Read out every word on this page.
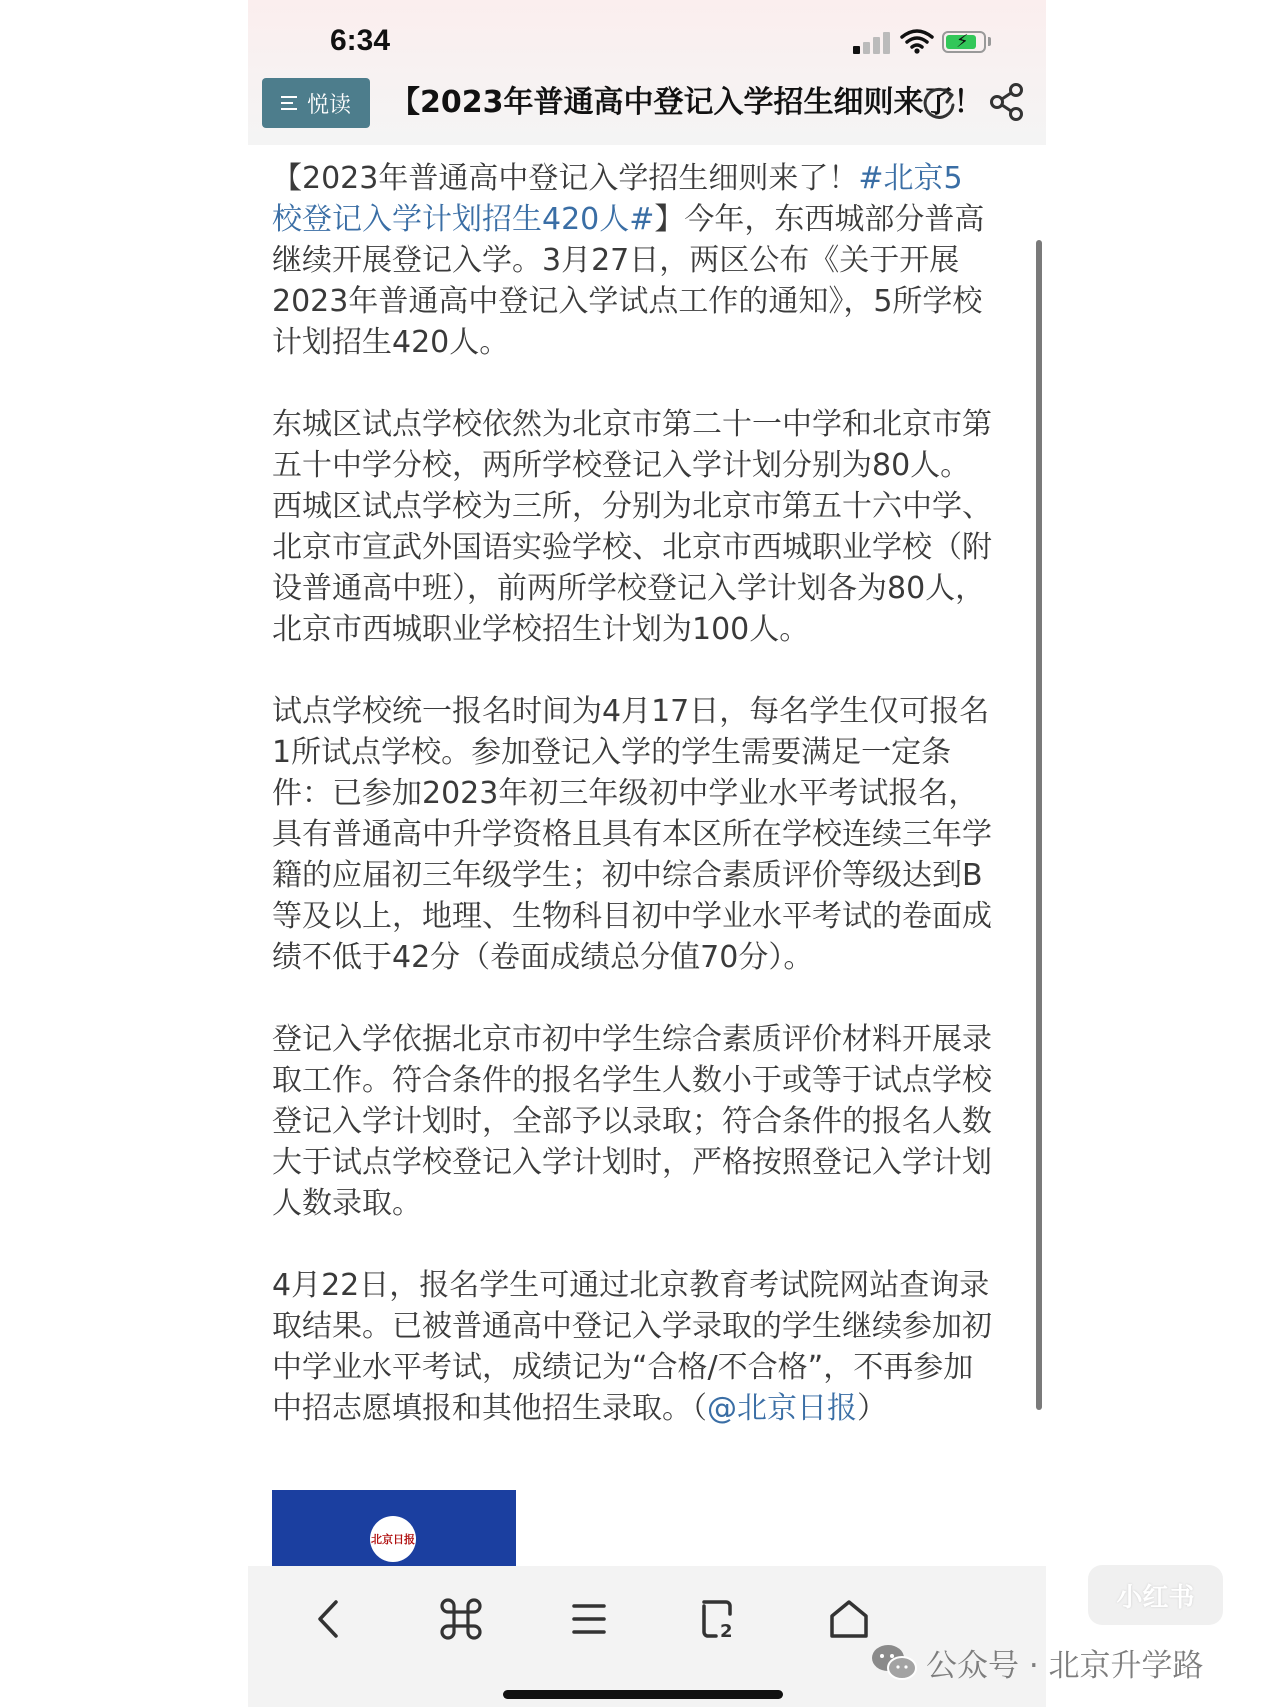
6:34	⚡
悦读 【2023年普通高中登记入学招生细则来了！

【2023年普通高中登记入学招生细则来了！#北京5校登记入学计划招生420人#】今年，东西城部分普高继续开展登记入学。3月27日，两区公布《关于开展2023年普通高中登记入学试点工作的通知》，5所学校计划招生420人。

东城区试点学校依然为北京市第二十一中学和北京市第五十中学分校，两所学校登记入学计划分别为80人。西城区试点学校为三所，分别为北京市第五十六中学、北京市宣武外国语实验学校、北京市西城职业学校（附设普通高中班），前两所学校登记入学计划各为80人，北京市西城职业学校招生计划为100人。

试点学校统一报名时间为4月17日，每名学生仅可报名1所试点学校。参加登记入学的学生需要满足一定条件：已参加2023年初三年级初中学业水平考试报名，具有普通高中升学资格且具有本区所在学校连续三年学籍的应届初三年级学生；初中综合素质评价等级达到B等及以上，地理、生物科目初中学业水平考试的卷面成绩不低于42分（卷面成绩总分值70分）。

登记入学依据北京市初中学生综合素质评价材料开展录取工作。符合条件的报名学生人数小于或等于试点学校登记入学计划时，全部予以录取；符合条件的报名人数大于试点学校登记入学计划时，严格按照登记入学计划人数录取。

4月22日，报名学生可通过北京教育考试院网站查询录取结果。已被普通高中登记入学录取的学生继续参加初中学业水平考试，成绩记为“合格/不合格”，不再参加中招志愿填报和其他招生录取。（@北京日报）

北京日报
2
小红书
公众号 · 北京升学路
